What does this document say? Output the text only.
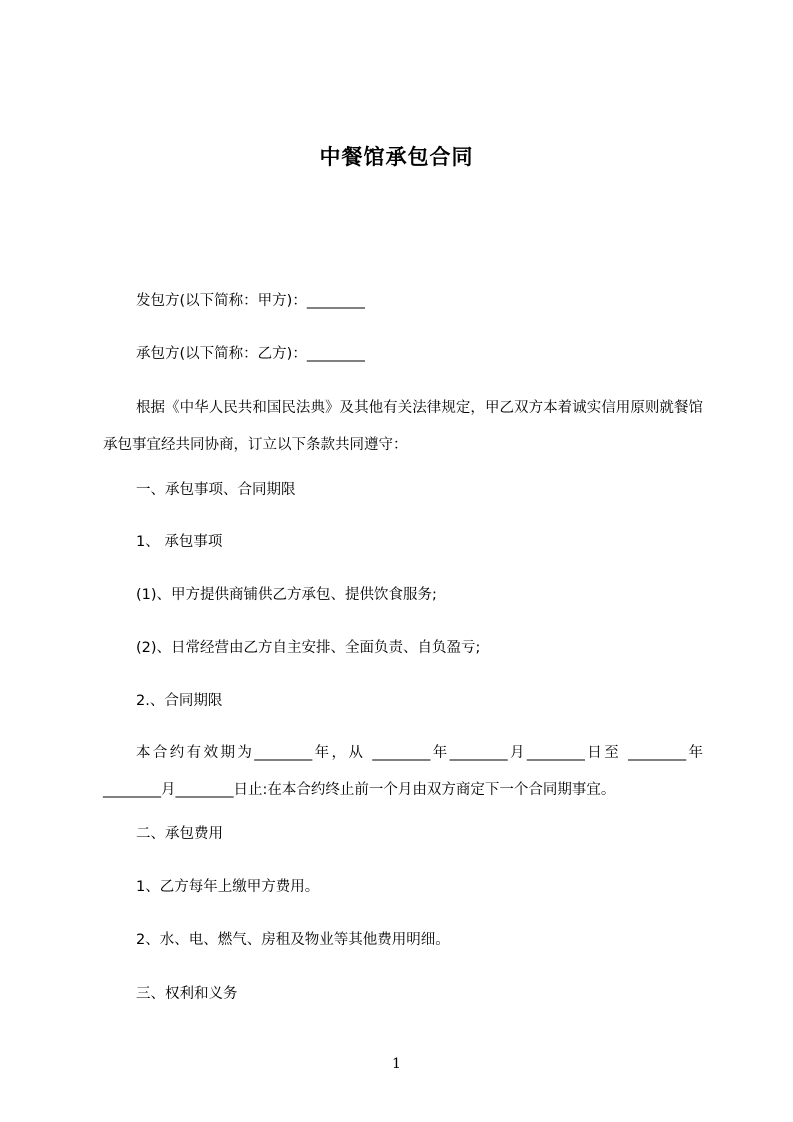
中餐馆承包合同
发包方(以下简称：甲方)：________
承包方(以下简称：乙方)：________
根据《中华人民共和国民法典》及其他有关法律规定，甲乙双方本着诚实信用原则就餐馆承包事宜经共同协商，订立以下条款共同遵守：
一、承包事项、合同期限
1、 承包事项
(1)、甲方提供商铺供乙方承包、提供饮食服务;
(2)、日常经营由乙方自主安排、全面负责、自负盈亏;
2.、合同期限
本合约有效期为________年，从 ________年________月________日至 ________年________月________日止:在本合约终止前一个月由双方商定下一个合同期事宜。
二、承包费用
1、乙方每年上缴甲方费用。
2、水、电、燃气、房租及物业等其他费用明细。
三、权利和义务
1
